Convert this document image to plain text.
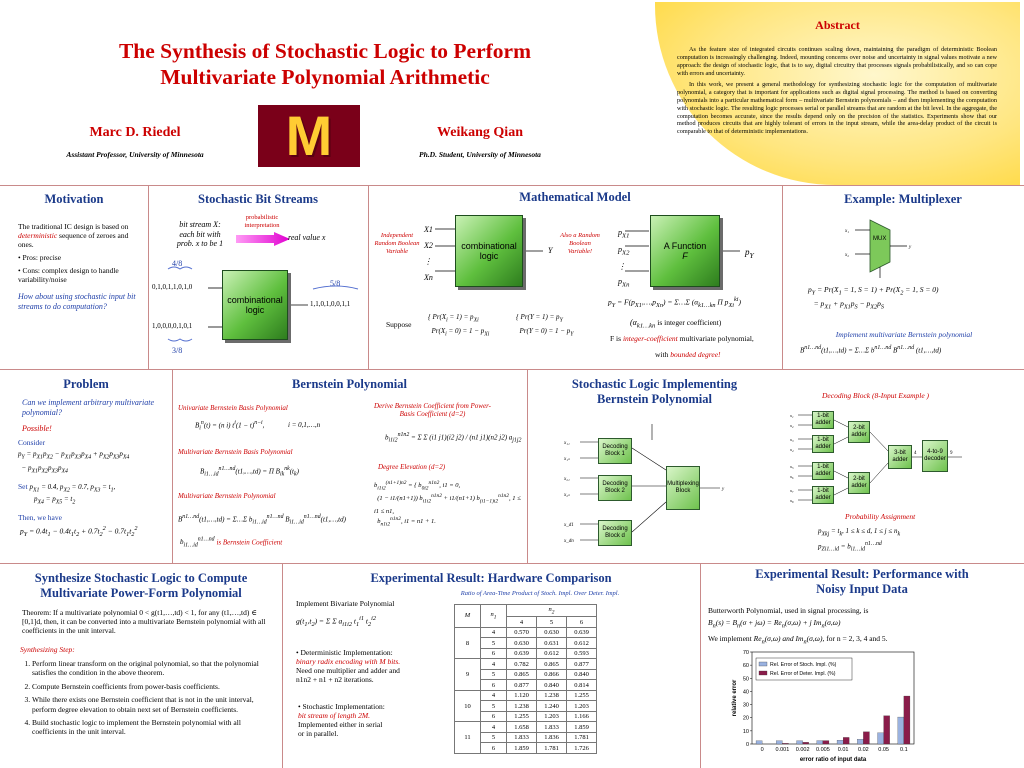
The Synthesis of Stochastic Logic to Perform
Multivariate Polynomial Arithmetic
Marc D. Riedel
Assistant Professor, University of Minnesota	M	Weikang Qian
Ph.D. Student, University of Minnesota
Abstract

As the feature size of integrated circuits continues scaling down, maintaining the paradigm of deterministic Boolean computation is increasingly challenging. Indeed, mounting concerns over noise and uncertainty in signal values motivate a new approach: the design of stochastic logic, that is to say, digital circuitry that processes signals probabilistically, and so can cope with errors and uncertainty.

In this work, we present a general methodology for synthesizing stochastic logic for the computation of multivariate polynomial, a category that is important for applications such as digital signal processing. The method is based on converting polynomials into a particular mathematical form – multivariate Bernstein polynomials – and then implementing the computation with stochastic logic. The resulting logic processes serial or parallel streams that are random at the bit level. In the aggregate, the computation becomes accurate, since the results depend only on the precision of the statistics. Experiments show that our method produces circuits that are highly tolerant of errors in the input stream, while the area-delay product of the circuit is comparable to that of deterministic implementations.

Motivation
The traditional IC design is based on deterministic sequence of zeroes and ones.
• Pros: precise
• Cons: complex design to handle variability/noise
How about using stochastic input bit streams to do computation?
Stochastic Bit Streams
bit stream X:
each bit with
prob. x to be 1
probabilistic interpretation
real value x
4/8
0,1,0,1,1,0,1,0
1,0,0,0,0,1,0,1
3/8
combinational logic
5/8
1,1,0,1,0,0,1,1
Mathematical Model
Independent Random Boolean Variable
X1
X2
⋮
Xn
combinational logic
Y
Also a Random Boolean Variable!
$p_{X1}$
$p_{X2}$
⋮
$p_{Xn}$
A Function
F	$p_Y$
$p_Y$ = $F(p_{X1},\dots,p_{Xn})$ = Σ…Σ ($\alpha_{k1\dots kn}$ Π $p_{Xi}^{ki}$)
Suppose
{ $Pr(X_i = 1) = p_{Xi}$
$Pr(X_i = 0) = 1 - p_{Xi}$
{ $Pr(Y = 1) = p_Y$
$Pr(Y = 0) = 1 - p_Y$
($\alpha_{k1\dots kn}$ is integer coefficient)
F is integer-coefficient multivariate polynomial,
with bounded degree!
Example: Multiplexer
x₁
x₂
y
MUX
$p_Y = Pr(X_1 = 1$, $S = 1) + Pr(X_2 = 1$, S = 0)
= $p_{X1} + p_{X1}p_S - p_{X2}p_S$
Implement multivariate Bernstein polynomial
$B^{n1\dots nd}(t1,\dots,td)$ = Σ…Σ $b^{n1\dots nd}$ $B^{n1\dots nd}$ (t1,…,td)
Problem
Can we implement arbitrary multivariate polynomial?
Possible!
Consider
$p_Y = p_{X1}p_{X2} - p_{X1}p_{X3}p_{X4} + p_{X2}p_{X3}p_{X4}$
− $p_{X1}p_{X2}p_{X3}p_{X4}$
Set $p_{X1} = 0.4$, $p_{X2} = 0.7$, $p_{X3} = t_1$,
$p_{X4} = p_{X5} = t_2$
Then, we have
$p_Y = 0.4t_1 - 0.4t_1t_2 + 0.7t_2^2 - 0.7t_1t_2^2$
Bernstein Polynomial
Univariate Bernstein Basis Polynomial
$B_i^n(t) = (n$ i) $t^i(1 - t)^{n-i}$,	i = 0,1,…,n
Multivariate Bernstein Basis Polynomial
$B_{i1\dots id}^{n1\dots nd}(t1,\dots,td) = \Pi$ $B_{ik}^{nk}(t_k)$
Multivariate Bernstein Polynomial
$B^{n1\dots nd}(t1,\dots,td)$ = Σ…Σ $b_{i1\dots id}^{n1\dots nd}$ $B_{i1\dots id}^{n1\dots nd}(t1,\dots,td)$
$b_{i1\dots id}^{n1\dots nd}$ is Bernstein Coefficient
Derive Bernstein Coefficient from Power-Basis Coefficient (d=2)
$b_{i1i2}^{n1n2} = \Sigma$ Σ (i1 j1)(i2 j2) / (n1 j1)(n2 j2) $a_{j1j2}$
Degree Elevation (d=2)
$b_{i1i2}^{(n1+1)n2}$ = { $b_{0i2}^{n1n2}$, i1 = 0,
(1 − i1/(n1+1)) $b_{i1i2}^{n1n2} + i1/(n1+1)$ $b_{(i1-1)i2}^{n1n2}$, 1 ≤ i1 ≤ n1,
$b_{n1i2}^{n1n2}$, i1 = n1 + 1.
Stochastic Logic Implementing
Bernstein Polynomial
x₁₁
x₁ₙ
x₂₁
x₂ₙ
x_d1
x_dn
y
Decoding Block 1
Decoding Block 2
Decoding Block d
Multiplexing Block
Decoding Block (8-Input Example )
1-bit adder
1-bit adder
1-bit adder
1-bit adder
2-bit adder
2-bit adder
3-bit adder
4-to-9 decoder
x₁
x₂
x₃
x₄
x₅
x₆
x₇
x₈
4	9
Probability Assignment
$p_{Xkj} = t_k$, 1 ≤ k ≤ d, $1 \le j \le n_k$
$p_{Zi1\dots id} = b_{i1\dots id}^{n1\dots nd}$
Synthesize Stochastic Logic to Compute
Multivariate Power-Form Polynomial
Theorem: If a multivariate polynomial 0 < g(t1,…,td) < 1, for any (t1,…,td) ∈ [0,1]d, then, it can be converted into a multivariate Bernstein polynomial with all coefficients in the unit interval.
Synthesizing Step:
1. Perform linear transform on the original polynomial, so that the polynomial satisfies the condition in the above theorem.
2. Compute Bernstein coefficients from power-basis coefficients.
3. While there exists one Bernstein coefficient that is not in the unit interval, perform degree elevation to obtain next set of Bernstein coefficients.
4. Build stochastic logic to implement the Bernstein polynomial with all coefficients in the unit interval.
Experimental Result: Hardware Comparison
Implement Bivariate Polynomial
$g(t_1,t_2) = \Sigma$ Σ $a_{i1i2}$ $t_1^{i1}$ $t_2^{i2}$
• Deterministic Implementation:
binary radix encoding with M bits.
Need one multiplier and adder and
n1n2 + n1 + n2 iterations.
• Stochastic Implementation:
bit stream of length 2M.
Implemented either in serial
or in parallel.
Ratio of Area-Time Product of Stoch. Impl. Over Deter. Impl.
M	$n_1$	$n_2$
		4	5	6
8	4	0.570	0.630	0.639
	5	0.630	0.631	0.612
	6	0.639	0.612	0.593
9	4	0.782	0.865	0.877
	5	0.865	0.866	0.840
	6	0.877	0.840	0.814
10	4	1.120	1.238	1.255
	5	1.238	1.240	1.203
	6	1.255	1.203	1.166
11	4	1.658	1.833	1.859
	5	1.833	1.836	1.781
	6	1.859	1.781	1.726
Experimental Result: Performance with
Noisy Input Data
Butterworth Polynomial, used in signal processing, is
$B_n(s) = B_n(\sigma + j\omega) = Re_n(\sigma,\omega) + j$ $Im_n(\sigma,\omega)$
We implement $Re_n(\sigma,\omega)$ and $Im_n(\sigma,\omega)$, for n = 2, 3, 4 and 5.
0
10
20
30
40
50
60
70
0 0.001 0.002 0.005 0.01 0.02 0.05 0.1
error ratio of input data
relative error
Rel. Error of Stoch. Impl. (%)
Rel. Error of Deter. Impl. (%)
